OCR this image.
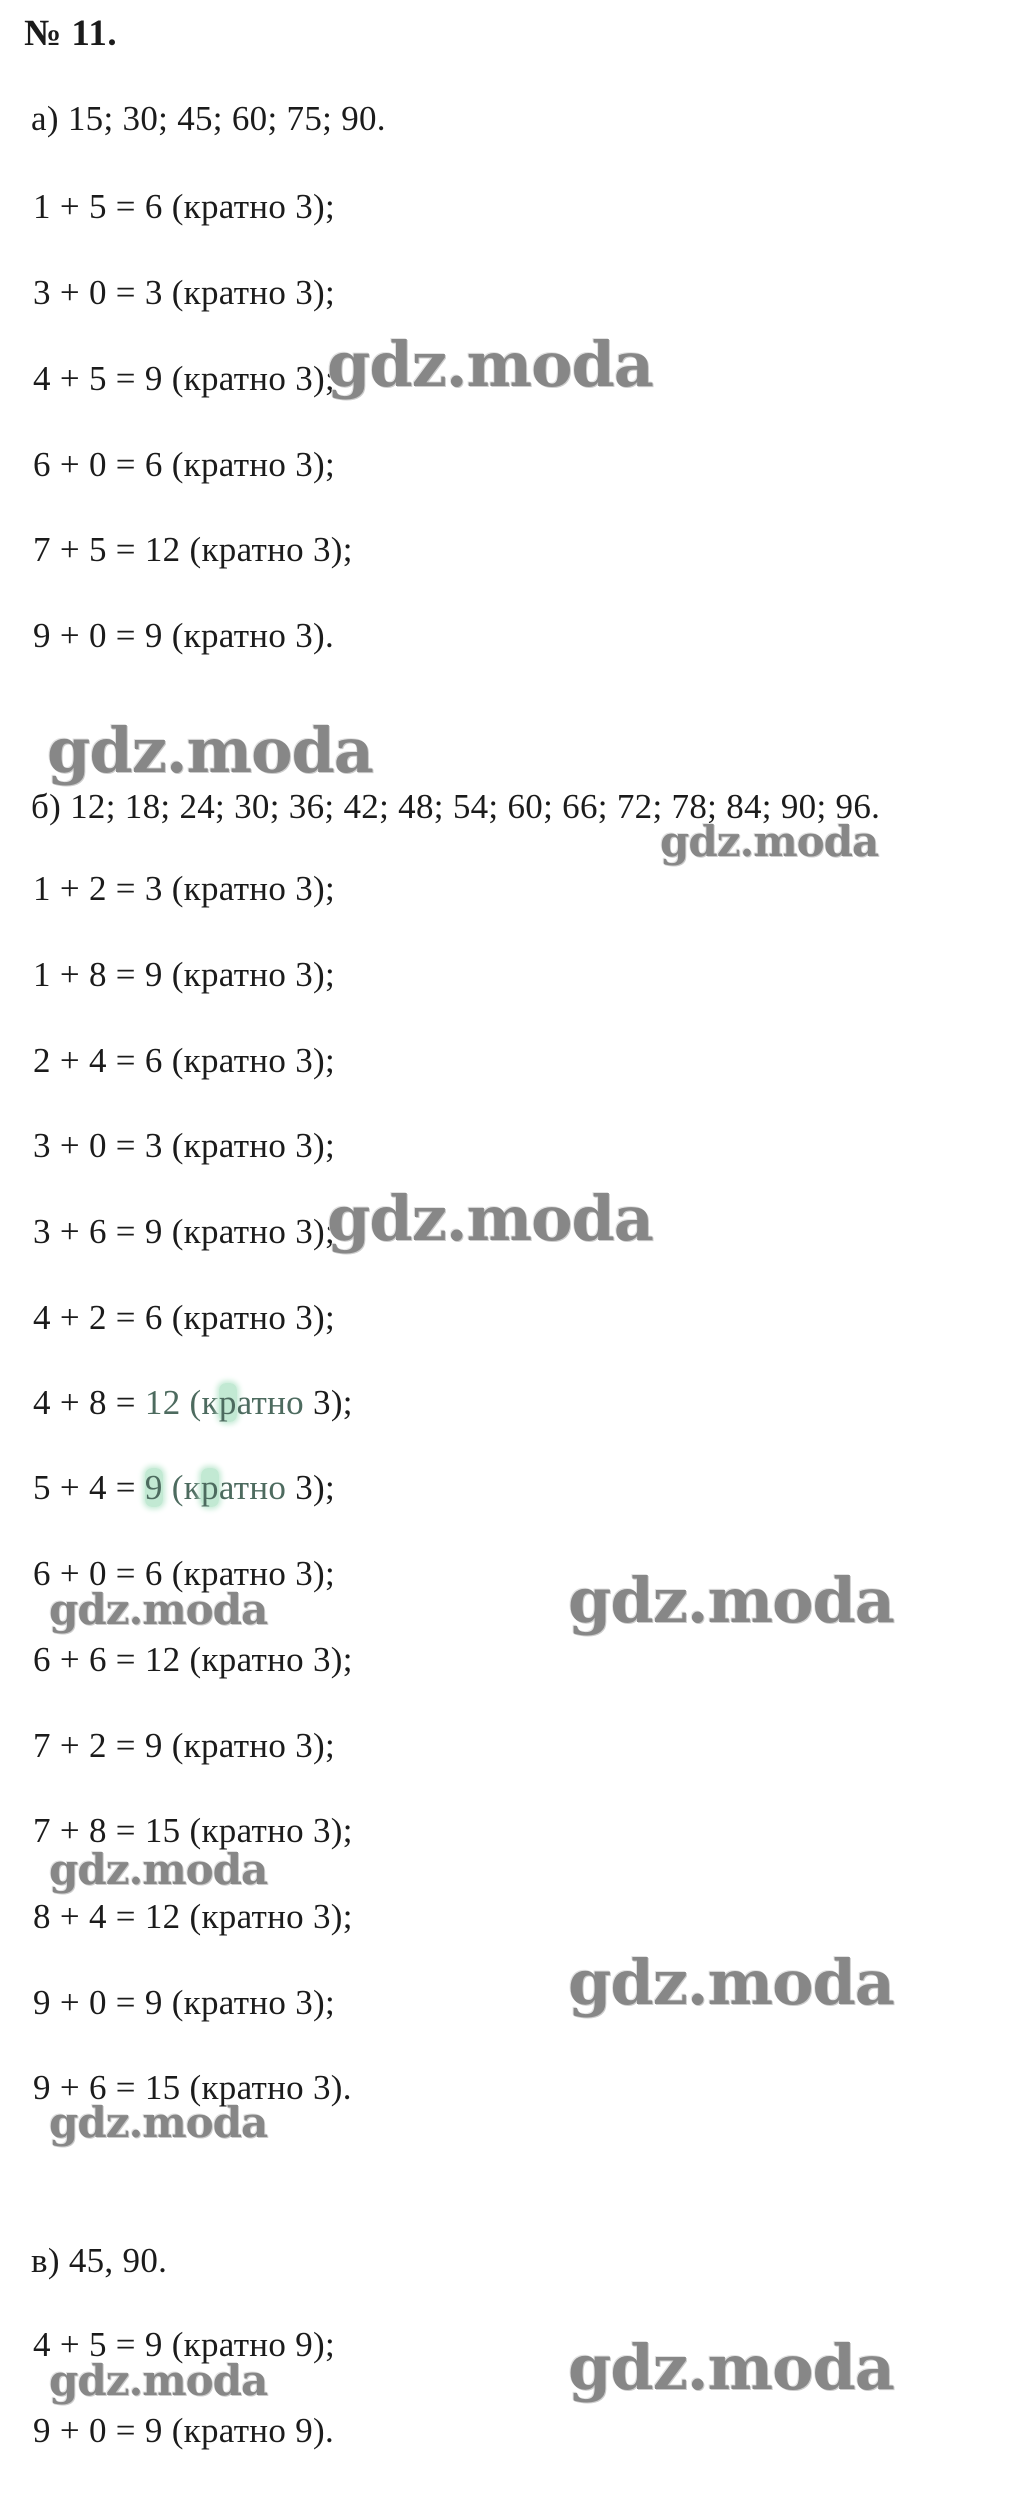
№ 11.
а) 15; 30; 45; 60; 75; 90.
1 + 5 = 6 (кратно 3);
3 + 0 = 3 (кратно 3);
4 + 5 = 9 (кратно 3);
gdz.moda
6 + 0 = 6 (кратно 3);
7 + 5 = 12 (кратно 3);
9 + 0 = 9 (кратно 3).
gdz.moda
б) 12; 18; 24; 30; 36; 42; 48; 54; 60; 66; 72; 78; 84; 90; 96.
gdz.moda
1 + 2 = 3 (кратно 3);
1 + 8 = 9 (кратно 3);
2 + 4 = 6 (кратно 3);
3 + 0 = 3 (кратно 3);
3 + 6 = 9 (кратно 3);
gdz.moda
4 + 2 = 6 (кратно 3);
4 + 8 = 12 (кратно 3);
5 + 4 = 9 (кратно 3);
6 + 0 = 6 (кратно 3);
gdz.moda	gdz.moda
6 + 6 = 12 (кратно 3);
7 + 2 = 9 (кратно 3);
7 + 8 = 15 (кратно 3);
gdz.moda
8 + 4 = 12 (кратно 3);
9 + 0 = 9 (кратно 3);	gdz.moda
9 + 6 = 15 (кратно 3).
gdz.moda
в) 45, 90.
4 + 5 = 9 (кратно 9);
gdz.moda	gdz.moda
9 + 0 = 9 (кратно 9).
